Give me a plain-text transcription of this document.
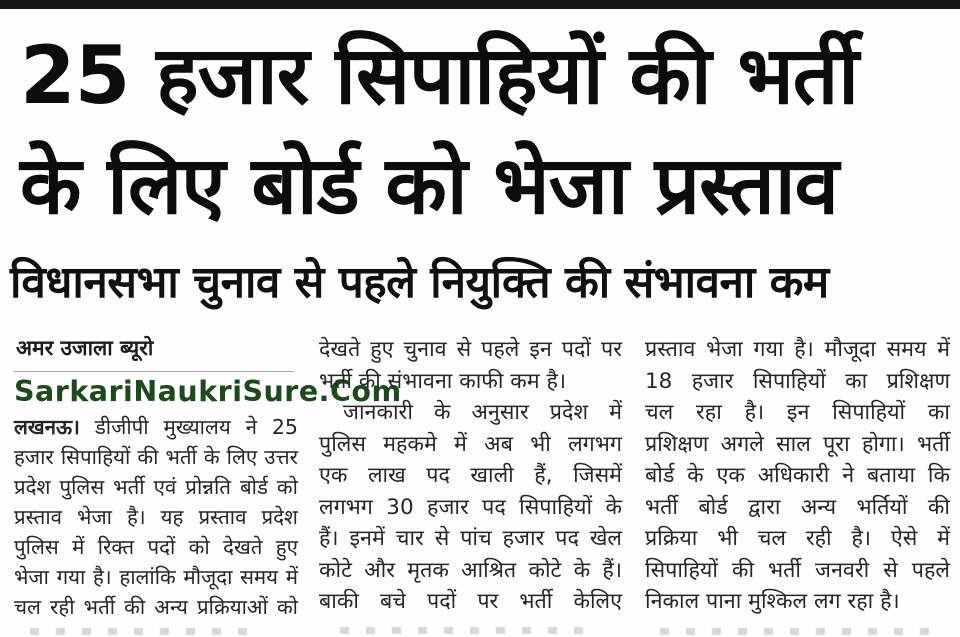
25 हजार सिपाहियों की भर्ती
के लिए बोर्ड को भेजा प्रस्ताव
विधानसभा चुनाव से पहले नियुक्ति की संभावना कम
अमर उजाला ब्यूरो
SarkariNaukriSure.Com
लखनऊ। डीजीपी मुख्यालय ने 25
हजार सिपाहियों की भर्ती के लिए उत्तर
प्रदेश पुलिस भर्ती एवं प्रोन्नति बोर्ड को
प्रस्ताव भेजा है। यह प्रस्ताव प्रदेश
पुलिस में रिक्त पदों को देखते हुए
भेजा गया है। हालांकि मौजूदा समय में
चल रही भर्ती की अन्य प्रक्रियाओं को
देखते हुए चुनाव से पहले इन पदों पर
भर्ती की संभावना काफी कम है।
जानकारी के अनुसार प्रदेश में
पुलिस महकमे में अब भी लगभग
एक लाख पद खाली हैं, जिसमें
लगभग 30 हजार पद सिपाहियों के
हैं। इनमें चार से पांच हजार पद खेल
कोटे और मृतक आश्रित कोटे के हैं।
बाकी बचे पदों पर भर्ती केलिए
प्रस्ताव भेजा गया है। मौजूदा समय में
18 हजार सिपाहियों का प्रशिक्षण
चल रहा है। इन सिपाहियों का
प्रशिक्षण अगले साल पूरा होगा। भर्ती
बोर्ड के एक अधिकारी ने बताया कि
भर्ती बोर्ड द्वारा अन्य भर्तियों की
प्रक्रिया भी चल रही है। ऐसे में
सिपाहियों की भर्ती जनवरी से पहले
निकाल पाना मुश्किल लग रहा है।
